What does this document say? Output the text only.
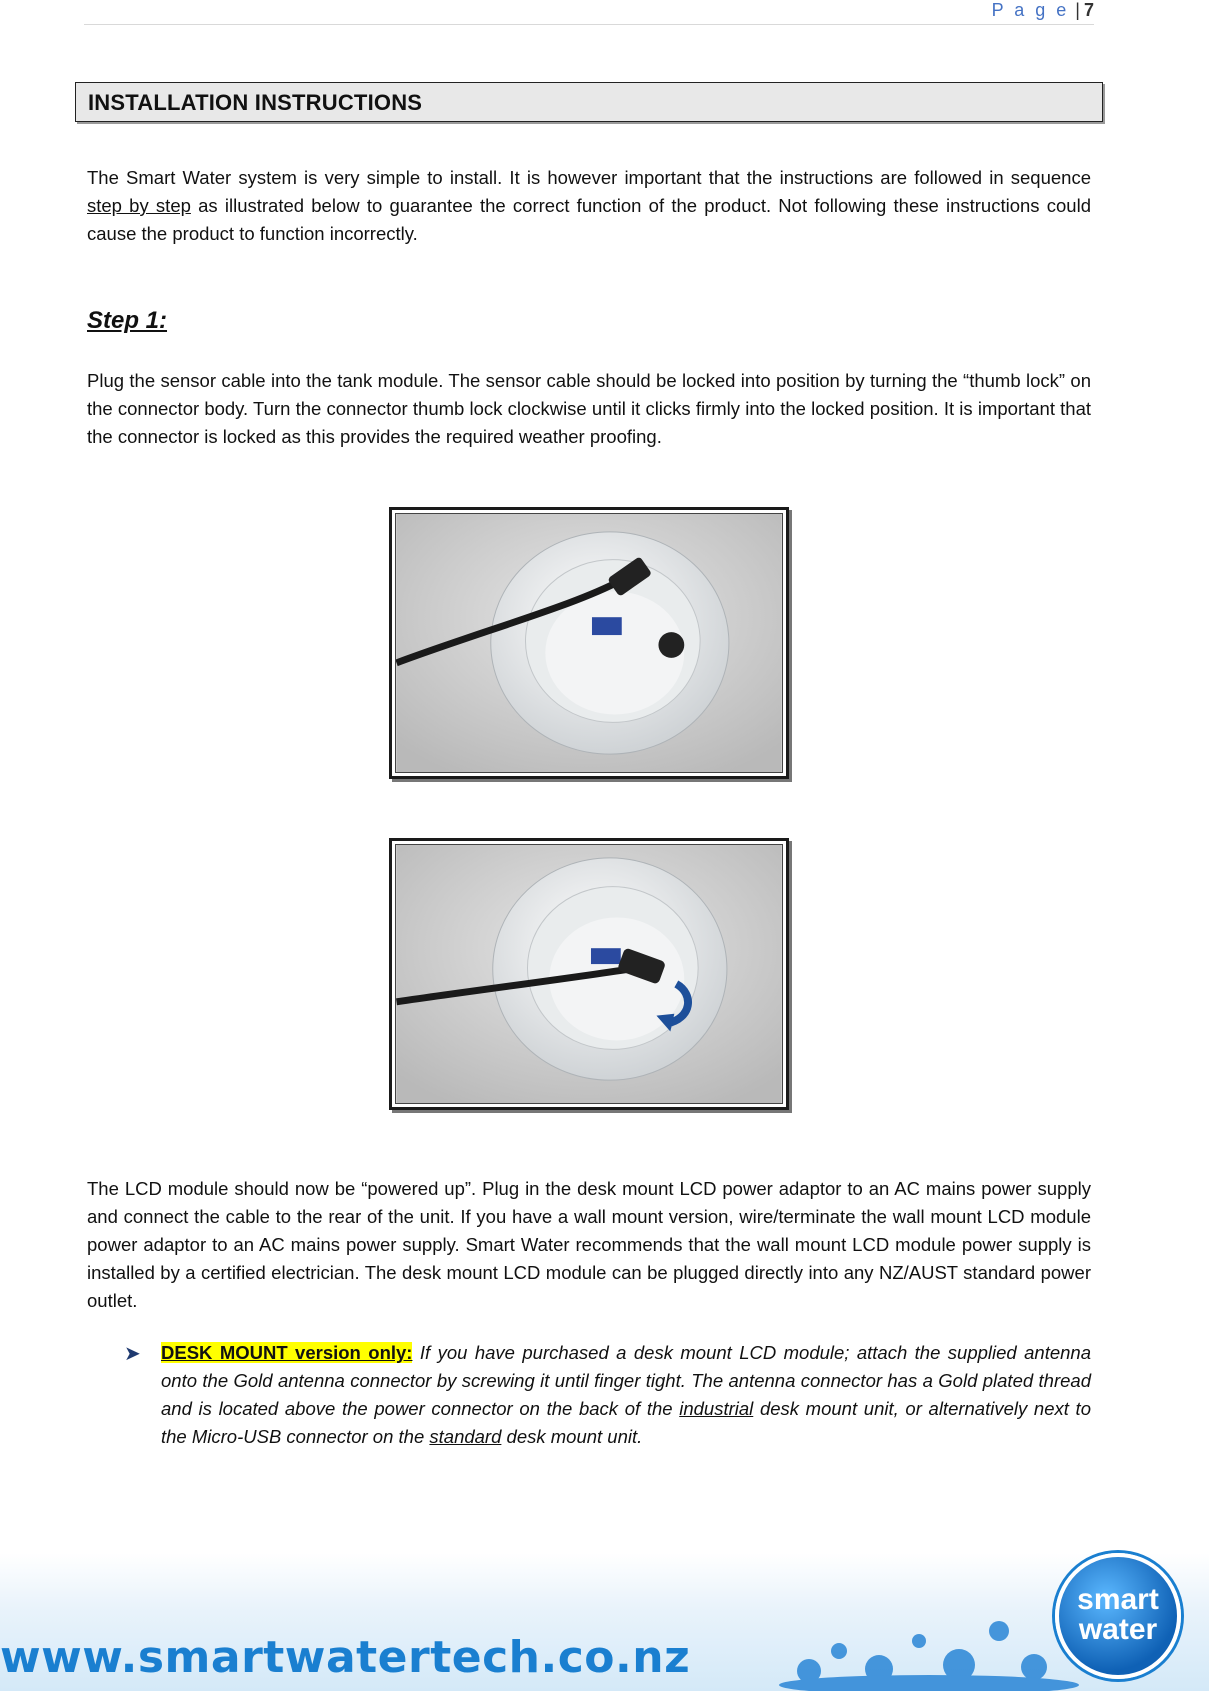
P a g e | 7
INSTALLATION INSTRUCTIONS

The Smart Water system is very simple to install. It is however important that the instructions are followed in sequence step by step as illustrated below to guarantee the correct function of the product. Not following these instructions could cause the product to function incorrectly.

Step 1:

Plug the sensor cable into the tank module. The sensor cable should be locked into position by turning the “thumb lock” on the connector body. Turn the connector thumb lock clockwise until it clicks firmly into the locked position. It is important that the connector is locked as this provides the required weather proofing.

The LCD module should now be “powered up”. Plug in the desk mount LCD power adaptor to an AC mains power supply and connect the cable to the rear of the unit. If you have a wall mount version, wire/terminate the wall mount LCD module power adaptor to an AC mains power supply. Smart Water recommends that the wall mount LCD module power supply is installed by a certified electrician. The desk mount LCD module can be plugged directly into any NZ/AUST standard power outlet.

➤ DESK MOUNT version only: If you have purchased a desk mount LCD module; attach the supplied antenna onto the Gold antenna connector by screwing it until finger tight. The antenna connector has a Gold plated thread and is located above the power connector on the back of the industrial desk mount unit, or alternatively next to the Micro-USB connector on the standard desk mount unit.

www.smartwatertech.co.nz
smart
water
